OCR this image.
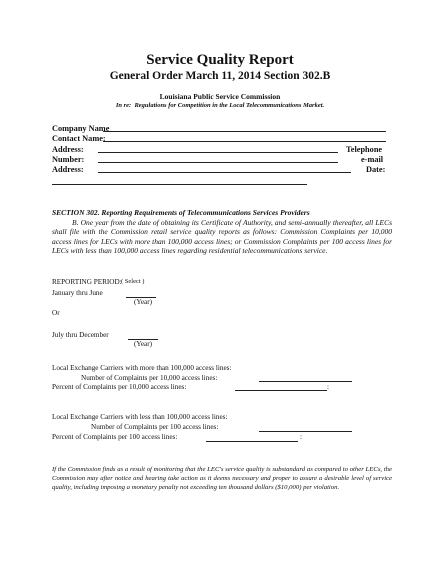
Service Quality Report
General Order March 11, 2014 Section 302.B
Louisiana Public Service Commission
In re: Regulations for Competition in the Local Telecommunications Market.
Company Name
Contact Name:
Address:	Telephone
Number:	e-mail
Address:	Date:
SECTION 302. Reporting Requirements of Telecommunications Services Providers
B. One year from the date of obtaining its Certificate of Authority, and semi-annually thereafter, all LECs shall file with the Commission retail service quality reports as follows: Commission Complaints per 10,000 access lines for LECs with more than 100,000 access lines; or Commission Complaints per 100 access lines for LECs with less than 100,000 access lines regarding residential telecommunications service.
REPORTING PERIOD: ( Select )
January thru June
(Year)
Or
July thru December
(Year)
Local Exchange Carriers with more than 100,000 access lines:
Number of Complaints per 10,000 access lines:
Percent of Complaints per 10,000 access lines:	:
Local Exchange Carriers with less than 100,000 access lines:
Number of Complaints per 100 access lines:
Percent of Complaints per 100 access lines:	:
If the Commission finds as a result of monitoring that the LEC's service quality is substandard as compared to other LECs, the Commission may after notice and hearing take action as it deems necessary and proper to assure a desirable level of service quality, including imposing a monetary penalty not exceeding ten thousand dollars ($10,000) per violation.
